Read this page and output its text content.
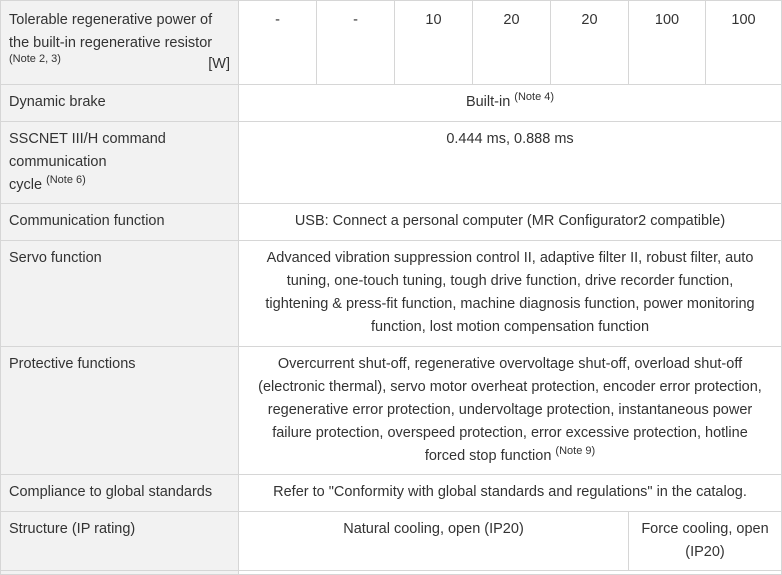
Tolerable regenerative power of
the built-in regenerative resistor
(Note 2, 3) [W]	-	-	10	20	20	100	100
Dynamic brake	Built-in $^{(Note 4)}$

SSCNET III/H command
communication
cycle $^{(Note 6)}$	0.444 ms, 0.888 ms						
Communication function	USB: Connect a personal computer (MR Configurator2 compatible)						
Servo function	Advanced vibration suppression control II, adaptive filter II, robust filter, auto
tuning, one-touch tuning, tough drive function, drive recorder function,
tightening & press-fit function, machine diagnosis function, power monitoring
function, lost motion compensation function						

Protective functions	Overcurrent shut-off, regenerative overvoltage shut-off, overload shut-off
(electronic thermal), servo motor overheat protection, encoder error protection,
regenerative error protection, undervoltage protection, instantaneous power
failure protection, overspeed protection, error excessive protection, hotline
forced stop function $^{(Note 9)}$

Compliance to global standards	Refer to "Conformity with global standards and regulations" in the catalog.						
Structure (IP rating)	Natural cooling, open (IP20)					Force cooling, open
(IP20)	
